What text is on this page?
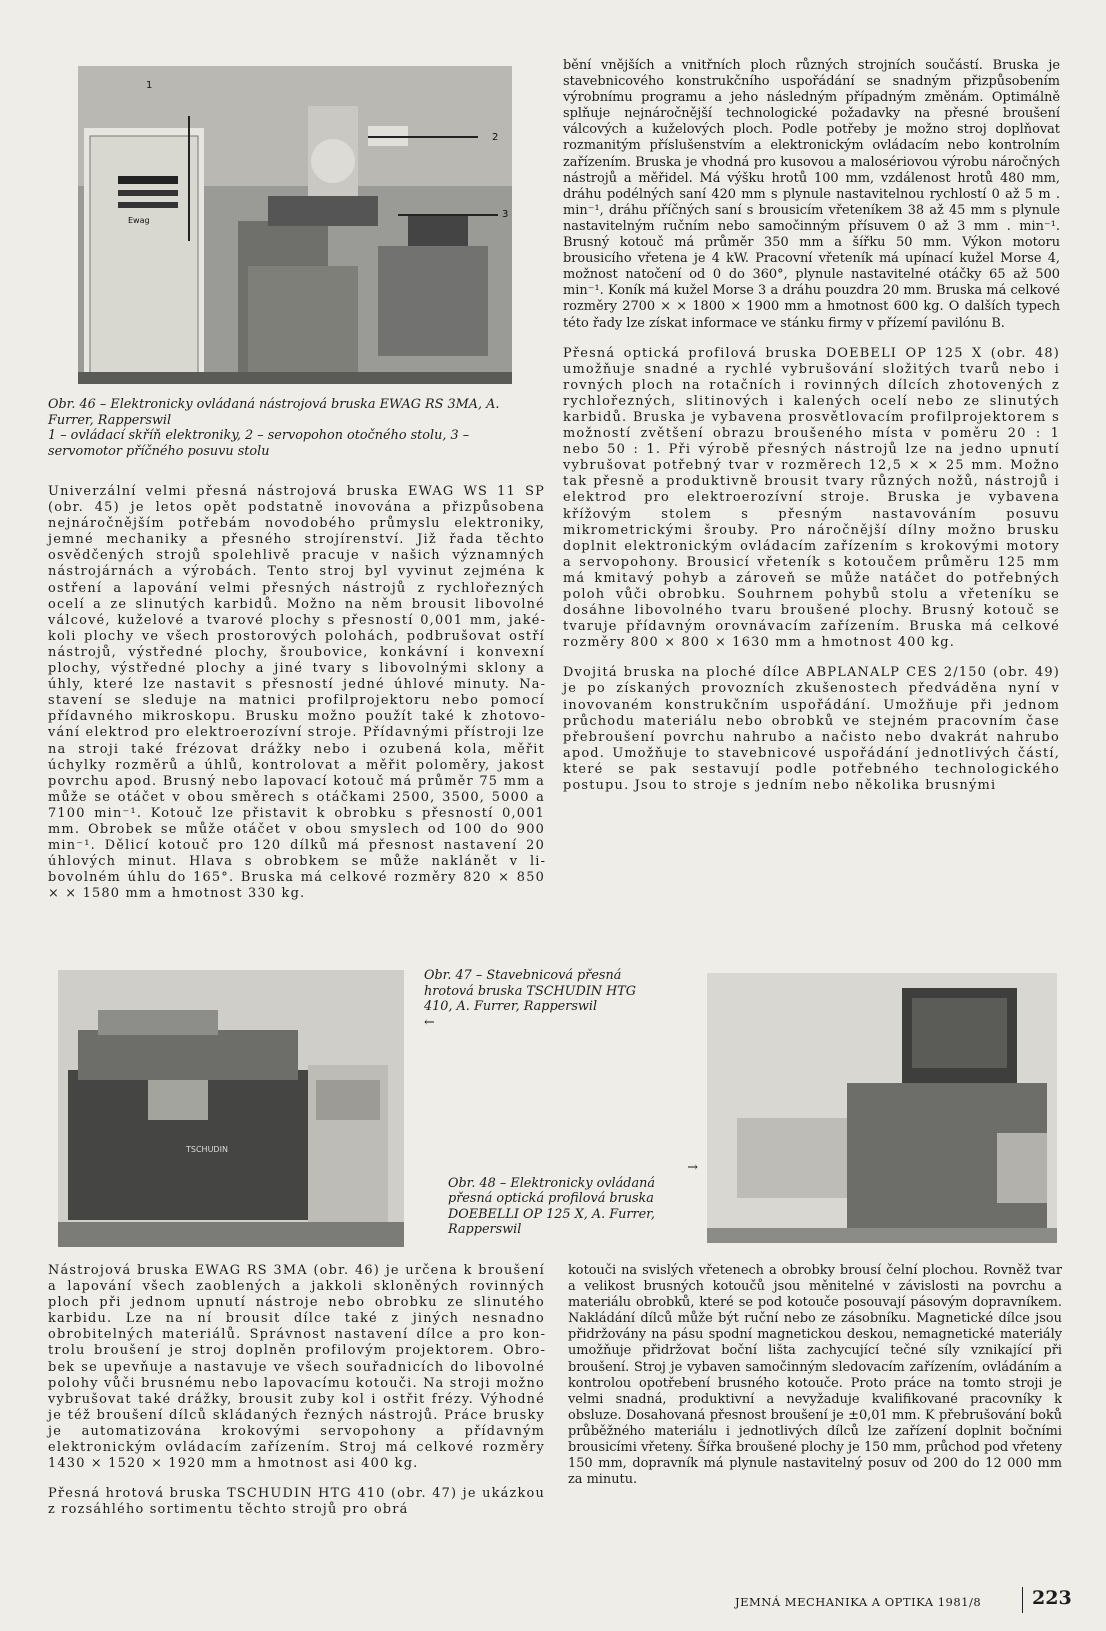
1
2
3
Ewag
Obr. 46 – Elektronicky ovládaná nástrojová bruska EWAG RS 3MA, A. Furrer, Rapperswil
1 – ovládací skříň elektroniky, 2 – servopohon otočného stolu, 3 – servomotor příčného posuvu stolu

Univerzální velmi přesná nástrojová bruska EWAG WS 11 SP (obr. 45) je letos opět podstatně inovována a přizpůsobena nejnáročnějším potřebám novodobého průmyslu elektroniky, jemné mechaniky a přesného strojírenství. Již řada těchto osvědčených strojů spolehlivě pracuje v našich významných nástrojárnách a výrobách. Tento stroj byl vyvinut zejména k ostření a lapování velmi přesných nástrojů z rychlořezných ocelí a ze slinutých karbidů. Možno na něm brousit libovolné válcové, kuželové a tvarové plochy s přesností 0,001 mm, jakékoli plochy ve všech prostorových polohách, podbrušovat ostří nástrojů, výstředné plochy, šroubovice, konkávní i konvexní plochy, výstředné plochy a jiné tvary s libovolnými sklony a úhly, které lze nastavit s přesností jedné úhlové minuty. Nastavení se sleduje na matnici profilprojektoru nebo pomocí přídavného mikroskopu. Brusku možno použít také k zhotovování elektrod pro elektroerozívní stroje. Přídavnými přístroji lze na stroji také frézovat drážky nebo i ozubená kola, měřit úchylky rozměrů a úhlů, kontrolovat a měřit poloměry, jakost povrchu apod. Brusný nebo lapovací kotouč má průměr 75 mm a může se otáčet v obou směrech s otáčkami 2500, 3500, 5000 a 7100 min⁻¹. Kotouč lze přistavit k obrobku s přesností 0,001 mm. Obrobek se může otáčet v obou smyslech od 100 do 900 min⁻¹. Dělicí kotouč pro 120 dílků má přesnost nastavení 20 úhlových minut. Hlava s obrobkem se může naklánět v libovolném úhlu do 165°. Bruska má celkové rozměry 820 × 850 × × 1580 mm a hmotnost 330 kg.

bění vnějších a vnitřních ploch různých strojních součástí. Bruska je stavebnicového konstrukčního uspořádání se snadným přizpůsobením výrobnímu programu a jeho následným případným změnám. Optimálně splňuje nejnáročnější technologické požadavky na přesné broušení válcových a kuželových ploch. Podle potřeby je možno stroj doplňovat rozmanitým příslušenstvím a elektronickým ovládacím nebo kontrolním zařízením. Bruska je vhodná pro kusovou a malosériovou výrobu náročných nástrojů a měřidel. Má výšku hrotů 100 mm, vzdálenost hrotů 480 mm, dráhu podélných saní 420 mm s plynule nastavitelnou rychlostí 0 až 5 m . min⁻¹, dráhu příčných saní s brousicím vřeteníkem 38 až 45 mm s plynule nastavitelným ručním nebo samočinným přísuvem 0 až 3 mm . min⁻¹. Brusný kotouč má průměr 350 mm a šířku 50 mm. Výkon motoru brousicího vřetena je 4 kW. Pracovní vřeteník má upínací kužel Morse 4, možnost natočení od 0 do 360°, plynule nastavitelné otáčky 65 až 500 min⁻¹. Koník má kužel Morse 3 a dráhu pouzdra 20 mm. Bruska má celkové rozměry 2700 × × 1800 × 1900 mm a hmotnost 600 kg. O dalších typech této řady lze získat informace ve stánku firmy v přízemí pavilónu B.

Přesná optická profilová bruska DOEBELI OP 125 X (obr. 48) umožňuje snadné a rychlé vybrušování složitých tvarů nebo i rovných ploch na rotačních i rovinných dílcích zhotovených z rychlořezných, slitinových i kalených ocelí nebo ze slinutých karbidů. Bruska je vybavena prosvětlovacím profilprojektorem s možností zvětšení obrazu broušeného místa v poměru 20 : 1 nebo 50 : 1. Při výrobě přesných nástrojů lze na jedno upnutí vybrušovat potřebný tvar v rozměrech 12,5 × × 25 mm. Možno tak přesně a produktivně brousit tvary různých nožů, nástrojů i elektrod pro elektroerozívní stroje. Bruska je vybavena křížovým stolem s přesným nastavováním posuvu mikrometrickými šrouby. Pro náročnější dílny možno brusku doplnit elektronickým ovládacím zařízením s krokovými motory a servopohony. Brousicí vřeteník s kotoučem průměru 125 mm má kmitavý pohyb a zároveň se může natáčet do potřebných poloh vůči obrobku. Souhrnem pohybů stolu a vřeteníku se dosáhne libovolného tvaru broušené plochy. Brusný kotouč se tvaruje přídavným orovnávacím zařízením. Bruska má celkové rozměry 800 × 800 × 1630 mm a hmotnost 400 kg.

Dvojitá bruska na ploché dílce ABPLANALP CES 2/150 (obr. 49) je po získaných provozních zkušenostech předváděna nyní v inovovaném konstrukčním uspořádání. Umožňuje při jednom průchodu materiálu nebo obrobků ve stejném pracovním čase přebroušení povrchu nahrubo a načisto nebo dvakrát nahrubo apod. Umožňuje to stavebnicové uspořádání jednotlivých částí, které se pak sestavují podle potřebného technologického postupu. Jsou to stroje s jedním nebo několika brusnými

TSCHUDIN
Obr. 47 – Stavebnicová přesná hrotová bruska TSCHUDIN HTG 410, A. Furrer, Rapperswil
←
→
Obr. 48 – Elektronicky ovládaná přesná optická profilová bruska DOEBELLI OP 125 X, A. Furrer, Rapperswil

Nástrojová bruska EWAG RS 3MA (obr. 46) je určena k broušení a lapování všech zaoblených a jakkoli skloněných rovinných ploch při jednom upnutí nástroje nebo obrobku ze slinutého karbidu. Lze na ní brousit dílce také z jiných nesnadno obrobitelných materiálů. Správnost nastavení dílce a pro kontrolu broušení je stroj doplněn profilovým projektorem. Obrobek se upevňuje a nastavuje ve všech souřadnicích do libovolné polohy vůči brusnému nebo lapovacímu kotouči. Na stroji možno vybrušovat také drážky, brousit zuby kol i ostřit frézy. Výhodné je též broušení dílců skládaných řezných nástrojů. Práce brusky je automatizována krokovými servopohony a přídavným elektronickým ovládacím zařízením. Stroj má celkové rozměry 1430 × 1520 × 1920 mm a hmotnost asi 400 kg.

Přesná hrotová bruska TSCHUDIN HTG 410 (obr. 47) je ukázkou z rozsáhlého sortimentu těchto strojů pro obrá

kotouči na svislých vřetenech a obrobky brousí čelní plochou. Rovněž tvar a velikost brusných kotoučů jsou měnitelné v závislosti na povrchu a materiálu obrobků, které se pod kotouče posouvají pásovým dopravníkem. Nakládání dílců může být ruční nebo ze zásobníku. Magnetické dílce jsou přidržovány na pásu spodní magnetickou deskou, nemagnetické materiály umožňuje přidržovat boční lišta zachycující tečné síly vznikající při broušení. Stroj je vybaven samočinným sledovacím zařízením, ovládáním a kontrolou opotřebení brusného kotouče. Proto práce na tomto stroji je velmi snadná, produktivní a nevyžaduje kvalifikované pracovníky k obsluze. Dosahovaná přesnost broušení je ±0,01 mm. K přebrušování boků průběžného materiálu i jednotlivých dílců lze zařízení doplnit bočními brousicími vřeteny. Šířka broušené plochy je 150 mm, průchod pod vřeteny 150 mm, dopravník má plynule nastavitelný posuv od 200 do 12 000 mm za minutu.

JEMNÁ MECHANIKA A OPTIKA 1981/8	223
